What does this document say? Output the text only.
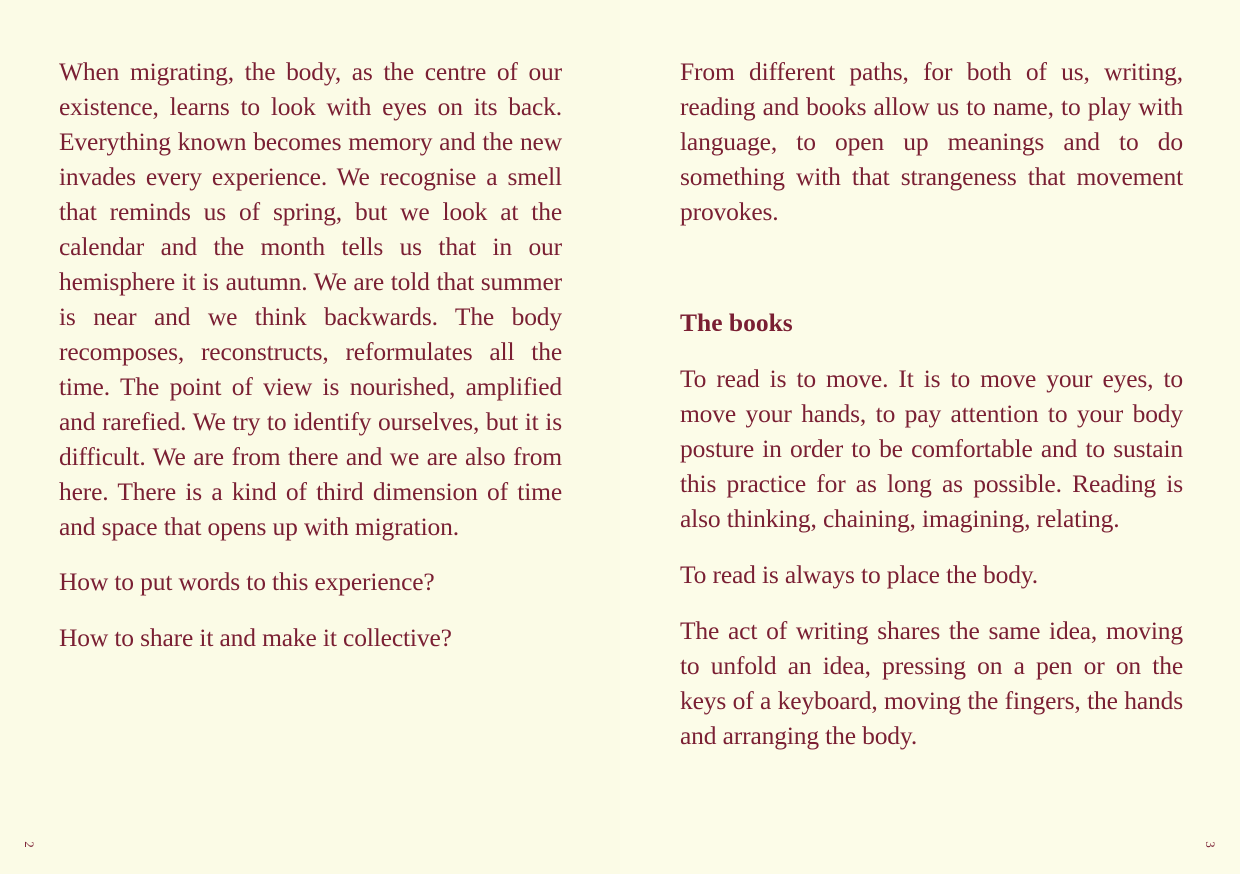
When migrating, the body, as the centre of our existence, learns to look with eyes on its back. Everything known becomes memory and the new invades every experience. We recognise a smell that reminds us of spring, but we look at the calendar and the month tells us that in our hemisphere it is autumn. We are told that summer is near and we think backwards. The body recomposes, reconstructs, reformulates all the time. The point of view is nourished, amplified and rarefied. We try to identify ourselves, but it is difficult. We are from there and we are also from here. There is a kind of third dimension of time and space that opens up with migration.

How to put words to this experience?

How to share it and make it collective?

2

From different paths, for both of us, writing, reading and books allow us to name, to play with language, to open up meanings and to do something with that strangeness that movement provokes.

The books

To read is to move. It is to move your eyes, to move your hands, to pay attention to your body posture in order to be comfortable and to sustain this practice for as long as possible. Reading is also thinking, chaining, imagining, relating.

To read is always to place the body.

The act of writing shares the same idea, moving to unfold an idea, pressing on a pen or on the keys of a keyboard, moving the fingers, the hands and arranging the body.

3
